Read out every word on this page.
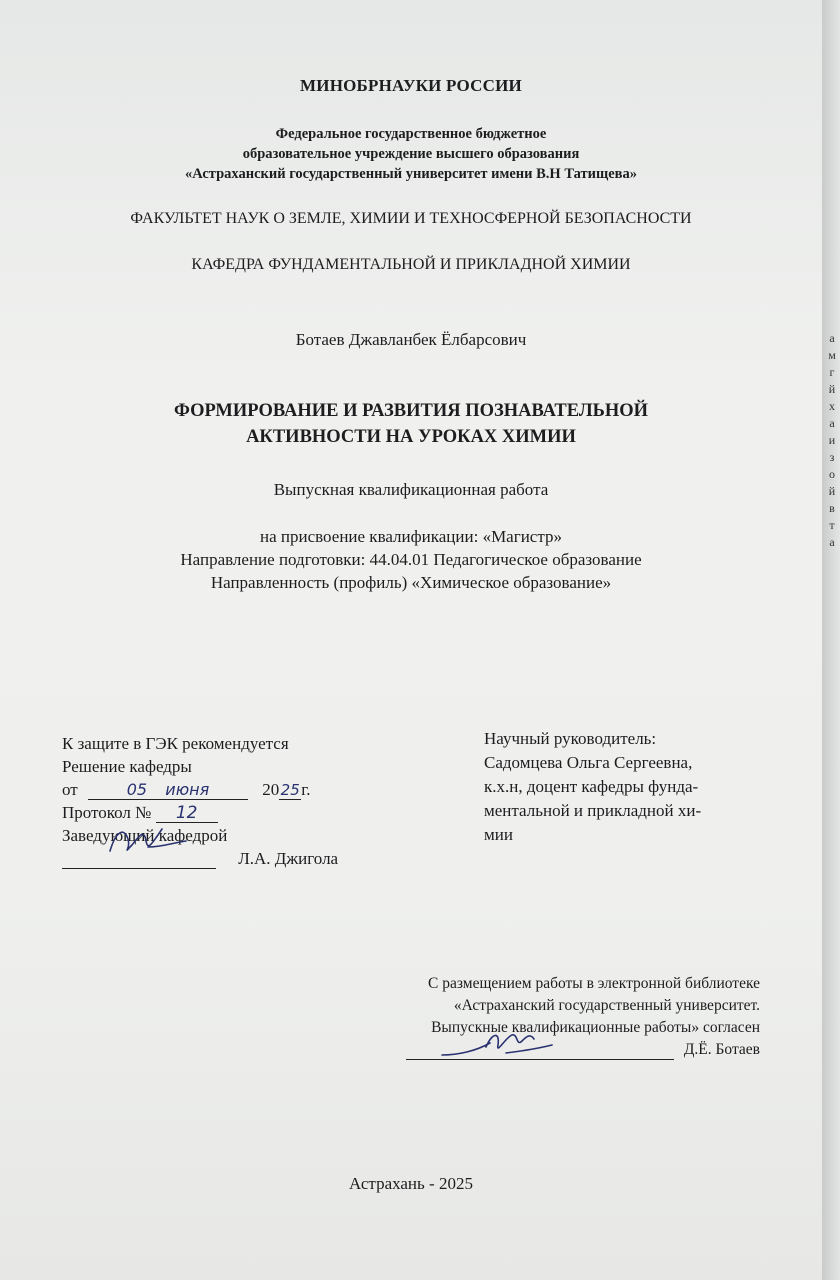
МИНОБРНАУКИ РОССИИ
Федеральное государственное бюджетное
образовательное учреждение высшего образования
«Астраханский государственный университет имени В.Н Татищева»
ФАКУЛЬТЕТ НАУК О ЗЕМЛЕ, ХИМИИ И ТЕХНОСФЕРНОЙ БЕЗОПАСНОСТИ
КАФЕДРА ФУНДАМЕНТАЛЬНОЙ И ПРИКЛАДНОЙ ХИМИИ
Ботаев Джавланбек Ёлбарсович
ФОРМИРОВАНИЕ И РАЗВИТИЯ ПОЗНАВАТЕЛЬНОЙ
АКТИВНОСТИ НА УРОКАХ ХИМИИ
Выпускная квалификационная работа
на присвоение квалификации: «Магистр»
Направление подготовки: 44.04.01 Педагогическое образование
Направленность (профиль) «Химическое образование»
К защите в ГЭК рекомендуется
Решение кафедры
от	05 июня	2025г.
Протокол № 12
Заведующий кафедрой
Л.А. Джигола
Научный руководитель:
Садомцева Ольга Сергеевна,
к.х.н, доцент кафедры фунда-
ментальной и прикладной хи-
мии
С размещением работы в электронной библиотеке
«Астраханский государственный университет.
Выпускные квалификационные работы» согласен
Д.Ё. Ботаев
Астрахань - 2025
а м г й х а и з о й в т а
